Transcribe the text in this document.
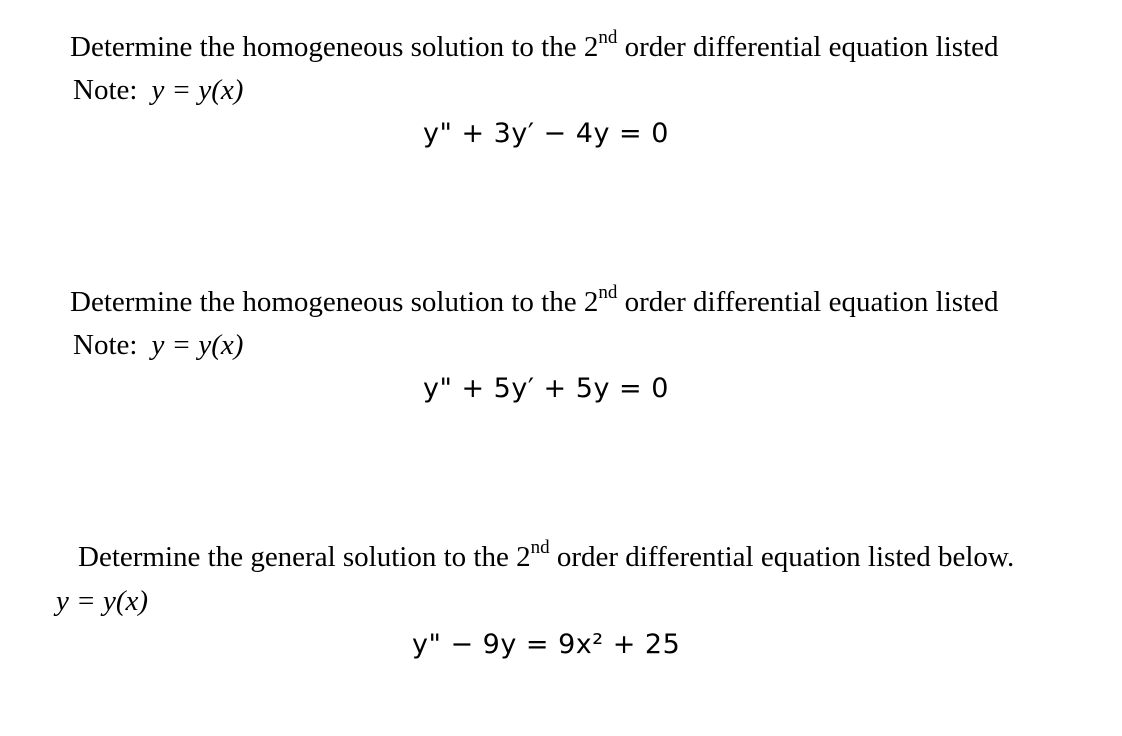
Determine the homogeneous solution to the 2nd order differential equation listed
Note: y = y(x)
y" + 3y′ − 4y = 0
Determine the homogeneous solution to the 2nd order differential equation listed
Note: y = y(x)
y" + 5y′ + 5y = 0
Determine the general solution to the 2nd order differential equation listed below.
y = y(x)
y" − 9y = 9x² + 25
